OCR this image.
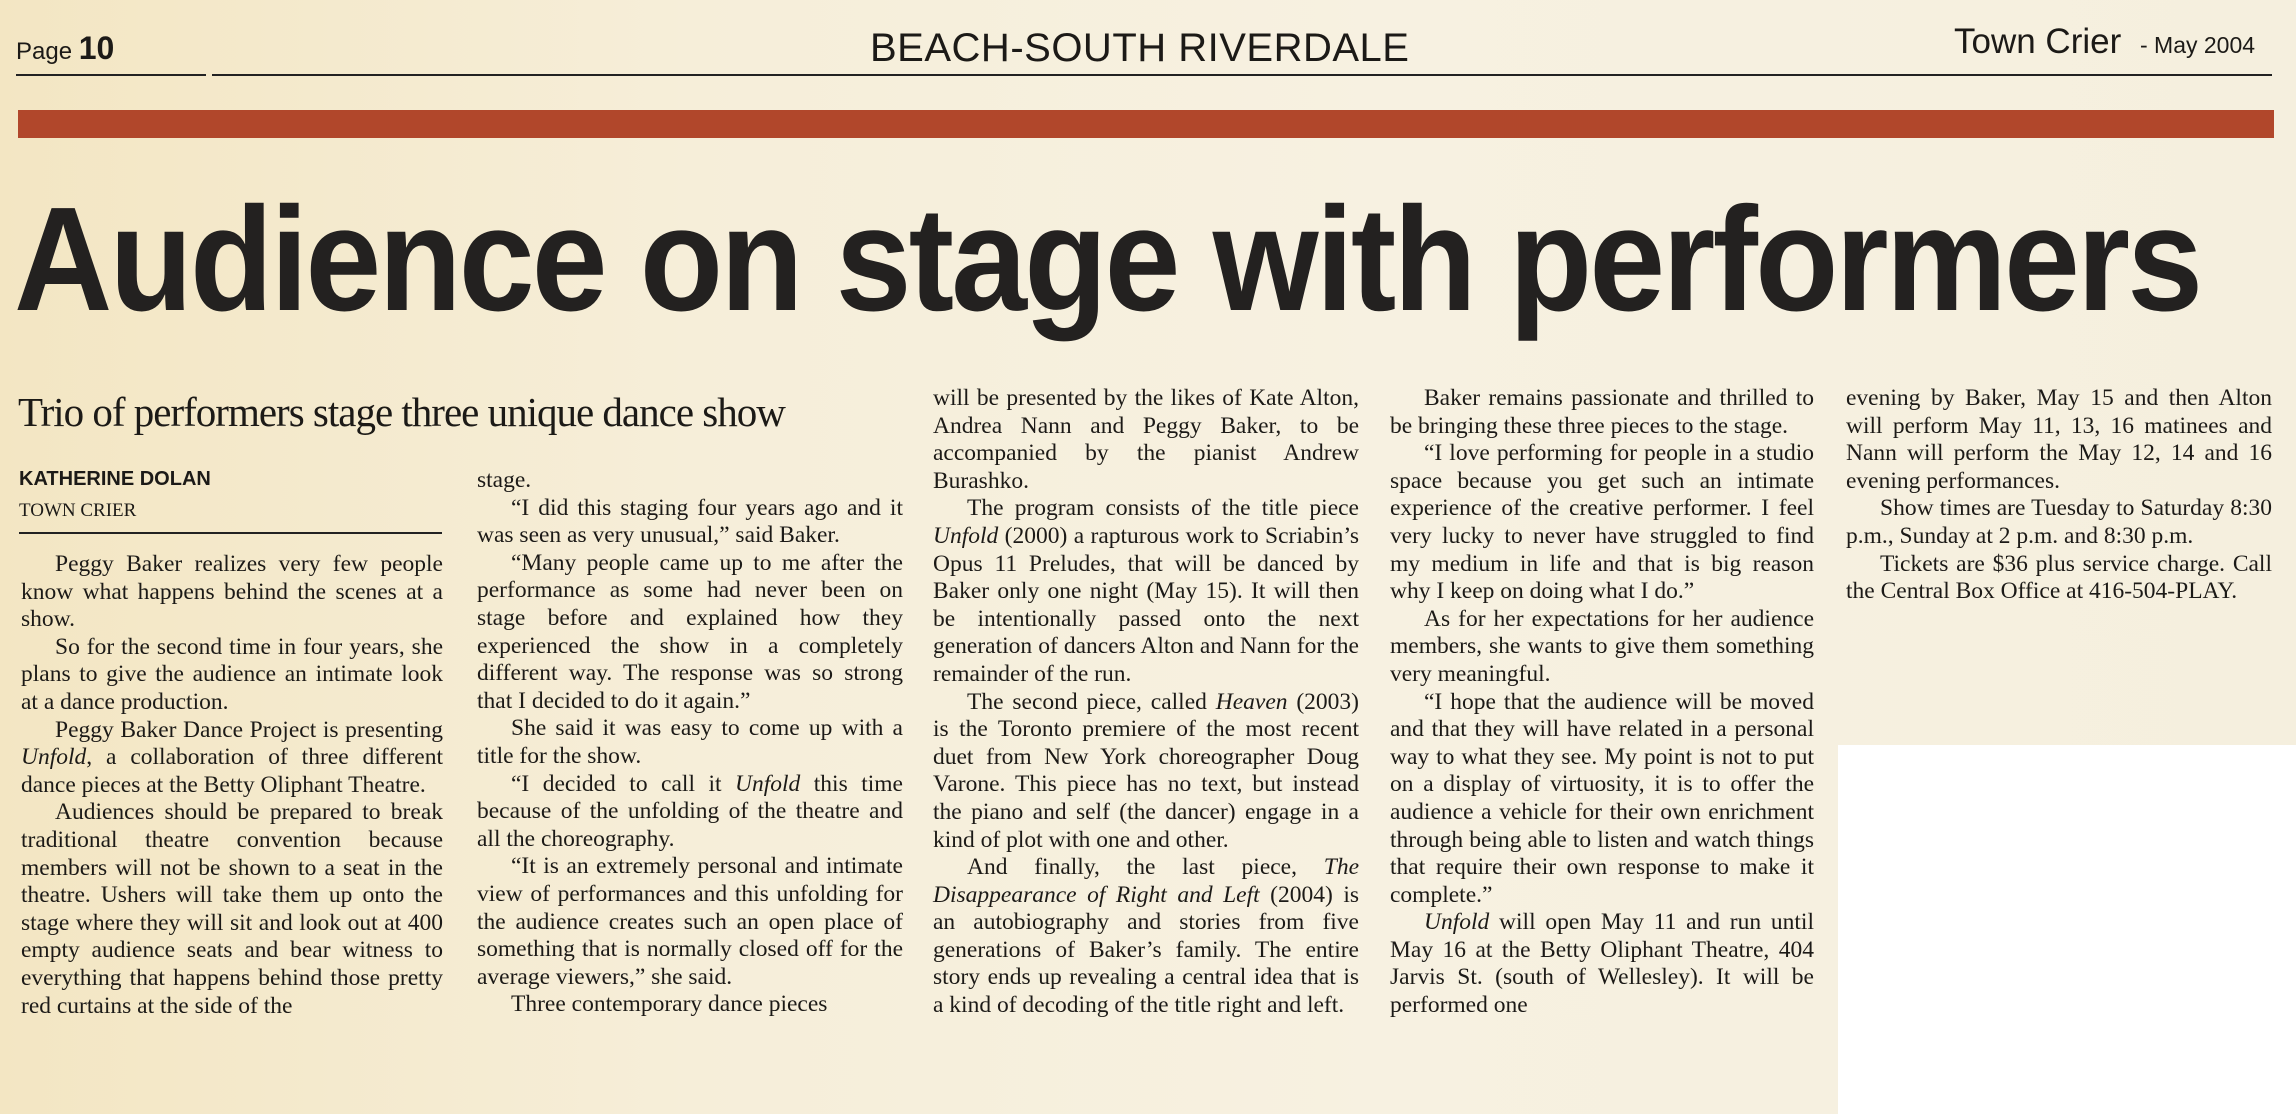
Page 10	BEACH-SOUTH RIVERDALE	Town Crier - May 2004
Audience on stage with performers
Trio of performers stage three unique dance show
KATHERINE DOLAN
TOWN CRIER

Peggy Baker realizes very few people know what happens behind the scenes at a show.

So for the second time in four years, she plans to give the audience an intimate look at a dance production.

Peggy Baker Dance Project is presenting Unfold, a collaboration of three different dance pieces at the Betty Oliphant Theatre.

Audiences should be prepared to break traditional theatre convention because members will not be shown to a seat in the theatre. Ushers will take them up onto the stage where they will sit and look out at 400 empty audience seats and bear witness to everything that happens behind those pretty red curtains at the side of the

stage.

“I did this staging four years ago and it was seen as very unusual,” said Baker.

“Many people came up to me after the performance as some had never been on stage before and explained how they experienced the show in a completely different way. The response was so strong that I decided to do it again.”

She said it was easy to come up with a title for the show.

“I decided to call it Unfold this time because of the unfolding of the theatre and all the choreography.

“It is an extremely personal and intimate view of performances and this unfolding for the audience creates such an open place of something that is normally closed off for the average viewers,” she said.

Three contemporary dance pieces

will be presented by the likes of Kate Alton, Andrea Nann and Peggy Baker, to be accompanied by the pianist Andrew Burashko.

The program consists of the title piece Unfold (2000) a rapturous work to Scriabin’s Opus 11 Preludes, that will be danced by Baker only one night (May 15). It will then be intentionally passed onto the next generation of dancers Alton and Nann for the remainder of the run.

The second piece, called Heaven (2003) is the Toronto premiere of the most recent duet from New York choreographer Doug Varone. This piece has no text, but instead the piano and self (the dancer) engage in a kind of plot with one and other.

And finally, the last piece, The Disappearance of Right and Left (2004) is an autobiography and stories from five generations of Baker’s family. The entire story ends up revealing a central idea that is a kind of decoding of the title right and left.

Baker remains passionate and thrilled to be bringing these three pieces to the stage.

“I love performing for people in a studio space because you get such an intimate experience of the creative performer. I feel very lucky to never have struggled to find my medium in life and that is big reason why I keep on doing what I do.”

As for her expectations for her audience members, she wants to give them something very meaningful.

“I hope that the audience will be moved and that they will have related in a personal way to what they see. My point is not to put on a display of virtuosity, it is to offer the audience a vehicle for their own enrichment through being able to listen and watch things that require their own response to make it complete.”

Unfold will open May 11 and run until May 16 at the Betty Oliphant Theatre, 404 Jarvis St. (south of Wellesley). It will be performed one

evening by Baker, May 15 and then Alton will perform May 11, 13, 16 matinees and Nann will perform the May 12, 14 and 16 evening performances.

Show times are Tuesday to Saturday 8:30 p.m., Sunday at 2 p.m. and 8:30 p.m.

Tickets are $36 plus service charge. Call the Central Box Office at 416-504-PLAY.
